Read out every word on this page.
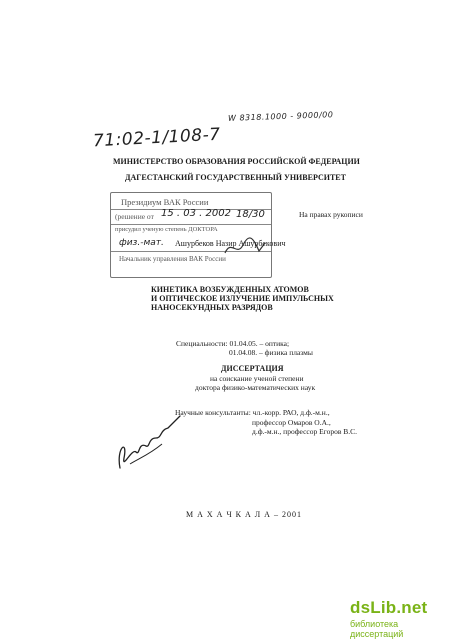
W 8318.1000 - 9000/00
71:02-1/108-7
МИНИСТЕРСТВО ОБРАЗОВАНИЯ РОССИЙСКОЙ ФЕДЕРАЦИИ
ДАГЕСТАНСКИЙ ГОСУДАРСТВЕННЫЙ УНИВЕРСИТЕТ
Президиум ВАК России
(решение от 15 . 03 . 2002 18/30
присудил ученую степень ДОКТОРА
физ.-мат.
Начальник управления ВАК России
На правах рукописи
Ашурбеков Назир Ашурбекович
КИНЕТИКА ВОЗБУЖДЕННЫХ АТОМОВ
И ОПТИЧЕСКОЕ ИЗЛУЧЕНИЕ ИМПУЛЬСНЫХ
НАНОСЕКУНДНЫХ РАЗРЯДОВ
Специальности: 01.04.05. – оптика;
01.04.08. – физика плазмы
ДИССЕРТАЦИЯ
на соискание ученой степени
доктора физико-математических наук
Научные консультанты: чл.-корр. РАО, д.ф.-м.н.,
профессор Омаров О.А.,
д.ф.-м.н., профессор Егоров В.С.
М А Х А Ч К А Л А – 2001
dsLib.net
библиотека диссертаций
